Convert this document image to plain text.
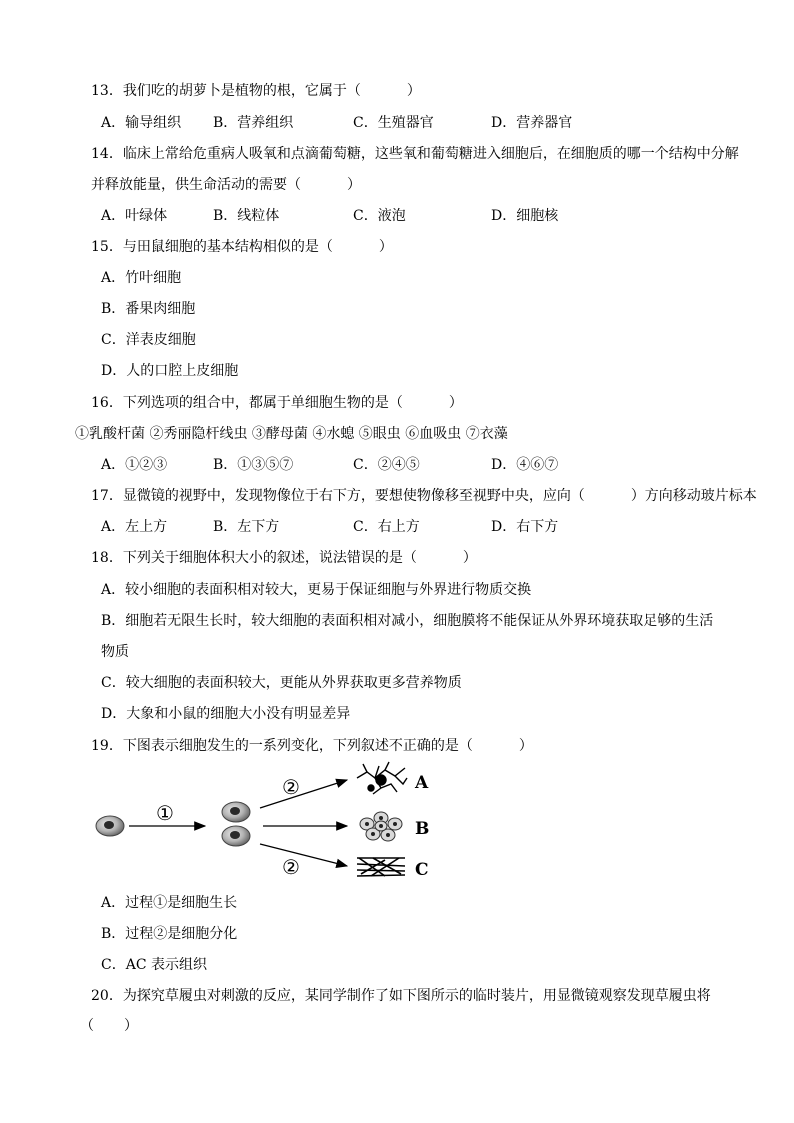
13．我们吃的胡萝卜是植物的根，它属于（	）
A．输导组织 B．营养组织	C．生殖器官	D．营养器官
14．临床上常给危重病人吸氧和点滴葡萄糖，这些氧和葡萄糖进入细胞后，在细胞质的哪一个结构中分解
并释放能量，供生命活动的需要（	）
A．叶绿体	B．线粒体	C．液泡	D．细胞核
15．与田鼠细胞的基本结构相似的是（	）
A．竹叶细胞
B．番果肉细胞
C．洋表皮细胞
D．人的口腔上皮细胞
16．下列选项的组合中，都属于单细胞生物的是（	）
①乳酸杆菌 ②秀丽隐杆线虫 ③酵母菌 ④水螅 ⑤眼虫 ⑥血吸虫 ⑦衣藻
A．①②③	B．①③⑤⑦	C．②④⑤	D．④⑥⑦
17．显微镜的视野中，发现物像位于右下方，要想使物像移至视野中央，应向（	）方向移动玻片标本
A．左上方	B．左下方	C．右上方	D．右下方
18．下列关于细胞体积大小的叙述，说法错误的是（	）
A．较小细胞的表面积相对较大，更易于保证细胞与外界进行物质交换
B．细胞若无限生长时，较大细胞的表面积相对减小，细胞膜将不能保证从外界环境获取足够的生活
物质
C．较大细胞的表面积较大，更能从外界获取更多营养物质
D．大象和小鼠的细胞大小没有明显差异
19．下图表示细胞发生的一系列变化，下列叙述不正确的是（	）
①
②
②
A
B
C
A．过程①是细胞生长
B．过程②是细胞分化
C．AC 表示组织
20．为探究草履虫对刺激的反应，某同学制作了如下图所示的临时装片，用显微镜观察发现草履虫将
（ ）
